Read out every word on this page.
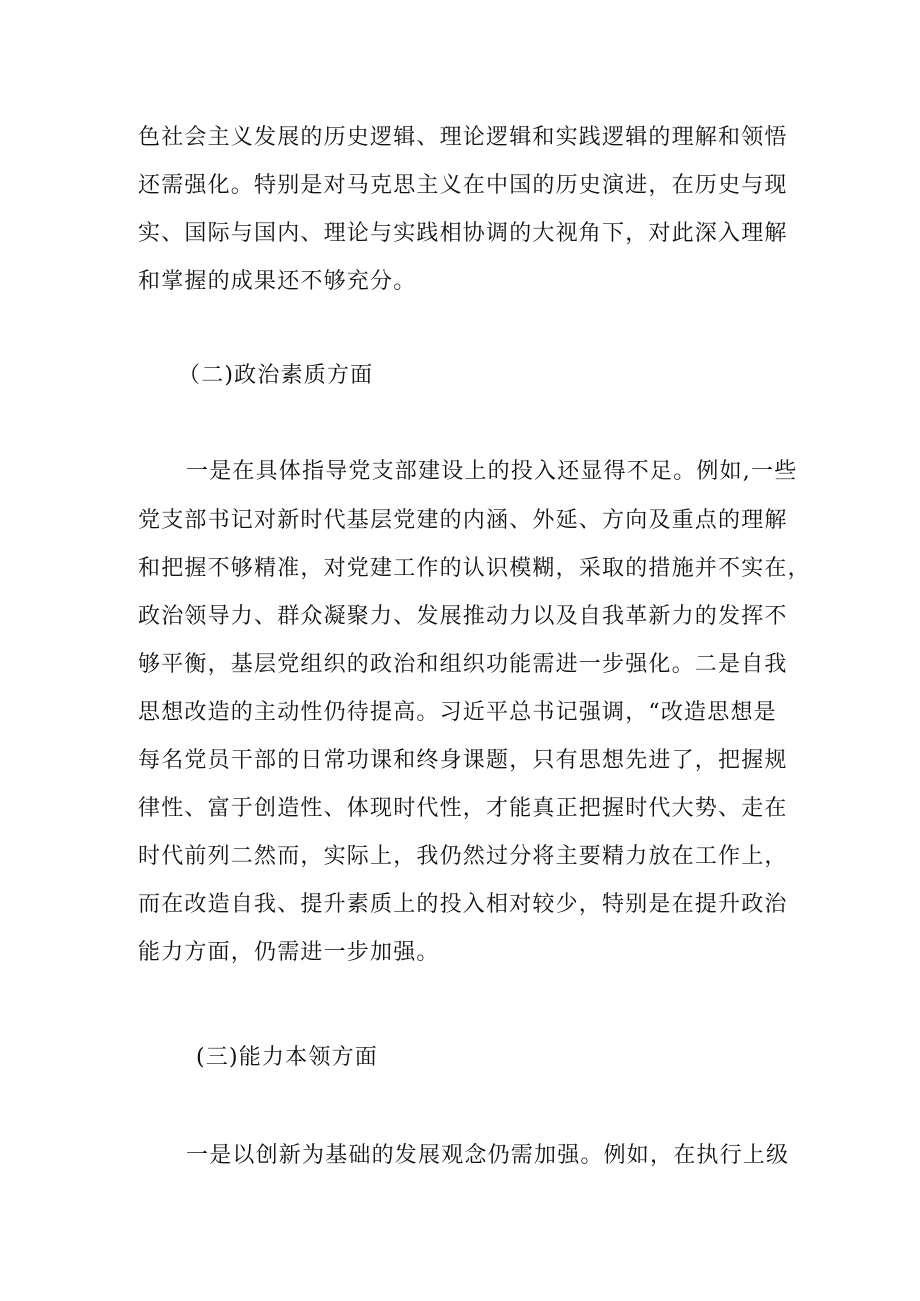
色社会主义发展的历史逻辑、理论逻辑和实践逻辑的理解和领悟
还需强化。特别是对马克思主义在中国的历史演进，在历史与现
实、国际与国内、理论与实践相协调的大视角下，对此深入理解
和掌握的成果还不够充分。
（二)政治素质方面
一是在具体指导党支部建设上的投入还显得不足。例如,一些
党支部书记对新时代基层党建的内涵、外延、方向及重点的理解
和把握不够精准，对党建工作的认识模糊，采取的措施并不实在，
政治领导力、群众凝聚力、发展推动力以及自我革新力的发挥不
够平衡，基层党组织的政治和组织功能需进一步强化。二是自我
思想改造的主动性仍待提高。习近平总书记强调，“改造思想是
每名党员干部的日常功课和终身课题，只有思想先进了，把握规
律性、富于创造性、体现时代性，才能真正把握时代大势、走在
时代前列二然而，实际上，我仍然过分将主要精力放在工作上，
而在改造自我、提升素质上的投入相对较少，特别是在提升政治
能力方面，仍需进一步加强。
(三)能力本领方面
一是以创新为基础的发展观念仍需加强。例如，在执行上级
